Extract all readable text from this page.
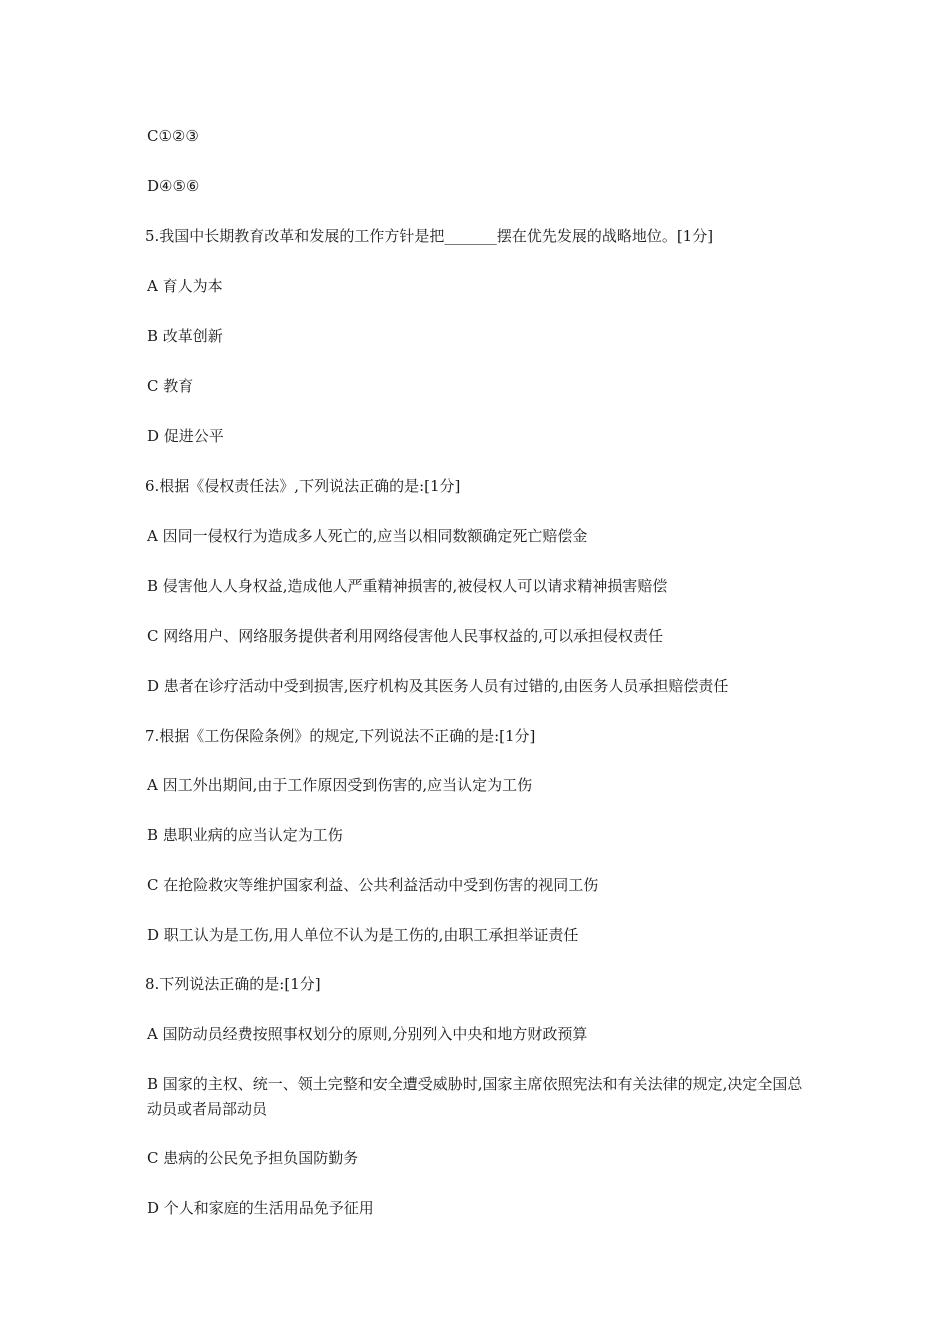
C①②③

D④⑤⑥

5.我国中长期教育改革和发展的工作方针是把_______摆在优先发展的战略地位。[1分]

A 育人为本

B 改革创新

C 教育

D 促进公平

6.根据《侵权责任法》,下列说法正确的是:[1分]

A 因同一侵权行为造成多人死亡的,应当以相同数额确定死亡赔偿金

B 侵害他人人身权益,造成他人严重精神损害的,被侵权人可以请求精神损害赔偿

C 网络用户、网络服务提供者利用网络侵害他人民事权益的,可以承担侵权责任

D 患者在诊疗活动中受到损害,医疗机构及其医务人员有过错的,由医务人员承担赔偿责任

7.根据《工伤保险条例》的规定,下列说法不正确的是:[1分]

A 因工外出期间,由于工作原因受到伤害的,应当认定为工伤

B 患职业病的应当认定为工伤

C 在抢险救灾等维护国家利益、公共利益活动中受到伤害的视同工伤

D 职工认为是工伤,用人单位不认为是工伤的,由职工承担举证责任

8.下列说法正确的是:[1分]

A 国防动员经费按照事权划分的原则,分别列入中央和地方财政预算

B 国家的主权、统一、领土完整和安全遭受威胁时,国家主席依照宪法和有关法律的规定,决定全国总动员或者局部动员

C 患病的公民免予担负国防勤务

D 个人和家庭的生活用品免予征用
